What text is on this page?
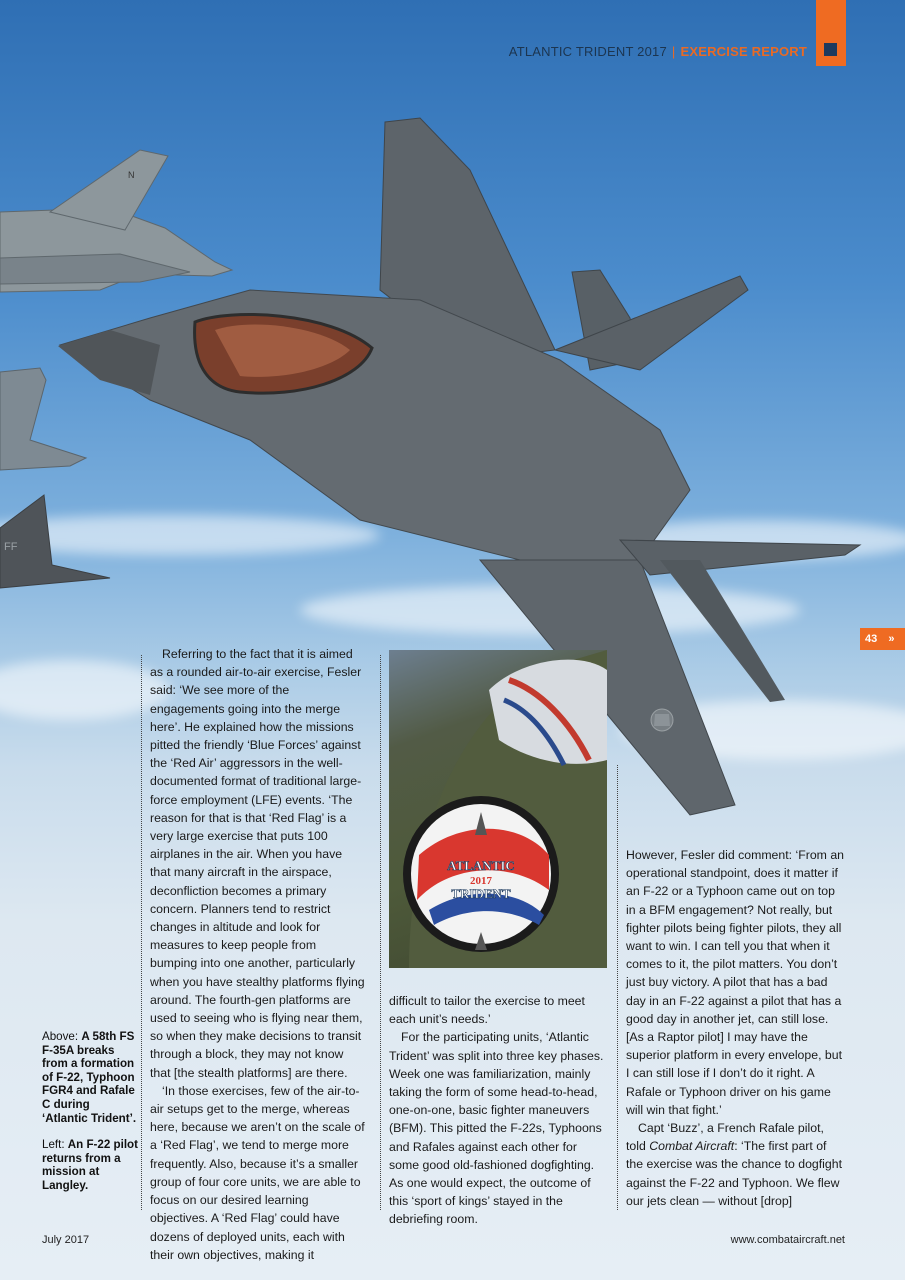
N
FF
ATLANTIC TRIDENT 2017 | EXERCISE REPORT
43 »
ATLANTIC
2017
TRIDENT

Referring to the fact that it is aimed as a rounded air-to-air exercise, Fesler said: ‘We see more of the engagements going into the merge here’. He explained how the missions pitted the friendly ‘Blue Forces’ against the ‘Red Air’ aggressors in the well-documented format of traditional large-force employment (LFE) events. ‘The reason for that is that ‘Red Flag’ is a very large exercise that puts 100 airplanes in the air. When you have that many aircraft in the airspace, deconfliction becomes a primary concern. Planners tend to restrict changes in altitude and look for measures to keep people from bumping into one another, particularly when you have stealthy platforms flying around. The fourth-gen platforms are used to seeing who is flying near them, so when they make decisions to transit through a block, they may not know that [the stealth platforms] are there.

‘In those exercises, few of the air-to-air setups get to the merge, whereas here, because we aren’t on the scale of a ‘Red Flag’, we tend to merge more frequently. Also, because it’s a smaller group of four core units, we are able to focus on our desired learning objectives. A ‘Red Flag’ could have dozens of deployed units, each with their own objectives, making it

difficult to tailor the exercise to meet each unit’s needs.’

For the participating units, ‘Atlantic Trident’ was split into three key phases. Week one was familiarization, mainly taking the form of some head-to-head, one-on-one, basic fighter maneuvers (BFM). This pitted the F-22s, Typhoons and Rafales against each other for some good old-fashioned dogfighting. As one would expect, the outcome of this ‘sport of kings’ stayed in the debriefing room.

However, Fesler did comment: ‘From an operational standpoint, does it matter if an F-22 or a Typhoon came out on top in a BFM engagement? Not really, but fighter pilots being fighter pilots, they all want to win. I can tell you that when it comes to it, the pilot matters. You don’t just buy victory. A pilot that has a bad day in an F-22 against a pilot that has a good day in another jet, can still lose. [As a Raptor pilot] I may have the superior platform in every envelope, but I can still lose if I don’t do it right. A Rafale or Typhoon driver on his game will win that fight.’

Capt ‘Buzz’, a French Rafale pilot, told Combat Aircraft: ‘The first part of the exercise was the chance to dogfight against the F-22 and Typhoon. We flew our jets clean — without [drop]

Above: A 58th FS F-35A breaks from a formation of F-22, Typhoon FGR4 and Rafale C during ‘Atlantic Trident’.
Left: An F-22 pilot returns from a mission at Langley.
July 2017	www.combataircraft.net
